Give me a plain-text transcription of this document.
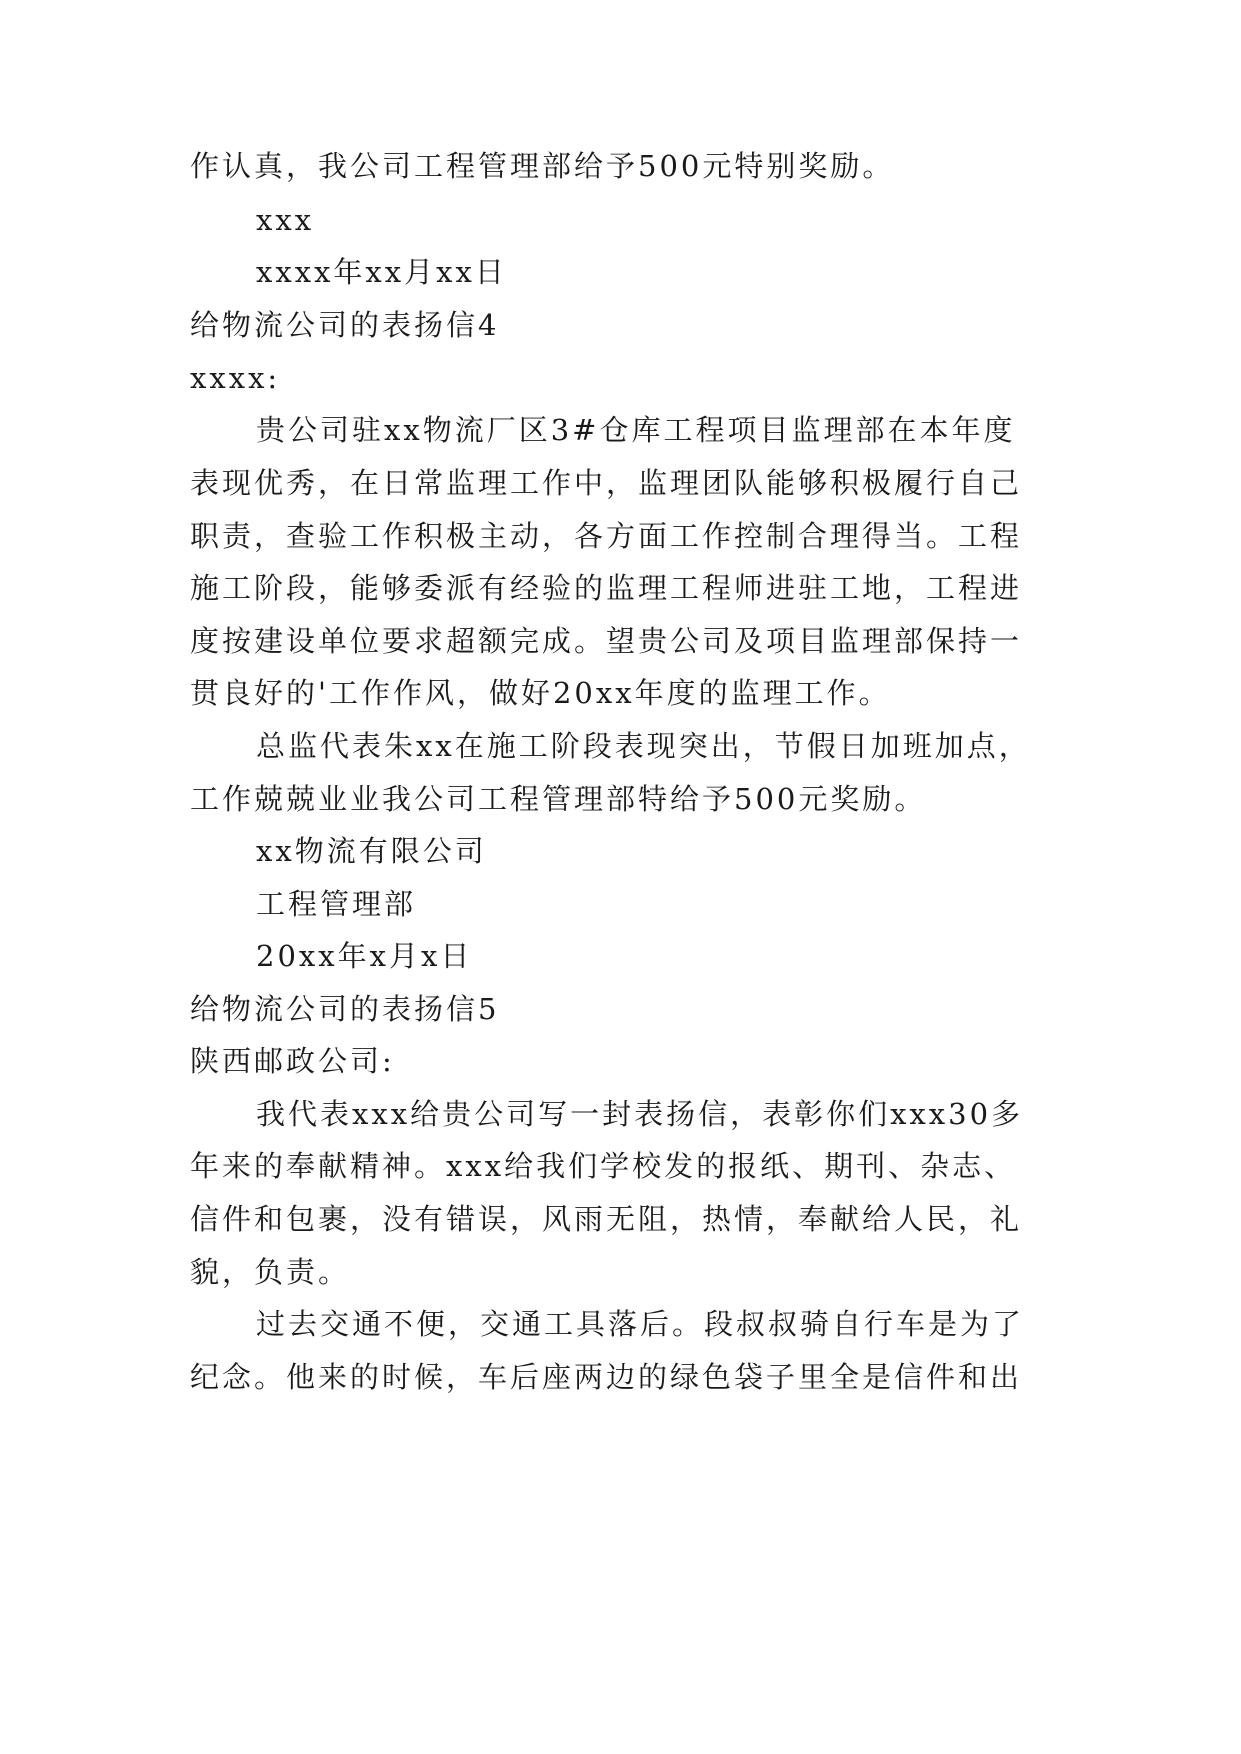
作认真，我公司工程管理部给予500元特别奖励。
xxx
xxxx年xx月xx日
给物流公司的表扬信4
xxxx:
贵公司驻xx物流厂区3#仓库工程项目监理部在本年度
表现优秀，在日常监理工作中，监理团队能够积极履行自己
职责，查验工作积极主动，各方面工作控制合理得当。工程
施工阶段，能够委派有经验的监理工程师进驻工地，工程进
度按建设单位要求超额完成。望贵公司及项目监理部保持一
贯良好的'工作作风，做好20xx年度的监理工作。
总监代表朱xx在施工阶段表现突出，节假日加班加点，
工作兢兢业业我公司工程管理部特给予500元奖励。
xx物流有限公司
工程管理部
20xx年x月x日
给物流公司的表扬信5
陕西邮政公司:
我代表xxx给贵公司写一封表扬信，表彰你们xxx30多
年来的奉献精神。xxx给我们学校发的报纸、期刊、杂志、
信件和包裹，没有错误，风雨无阻，热情，奉献给人民，礼
貌，负责。
过去交通不便，交通工具落后。段叔叔骑自行车是为了
纪念。他来的时候，车后座两边的绿色袋子里全是信件和出
